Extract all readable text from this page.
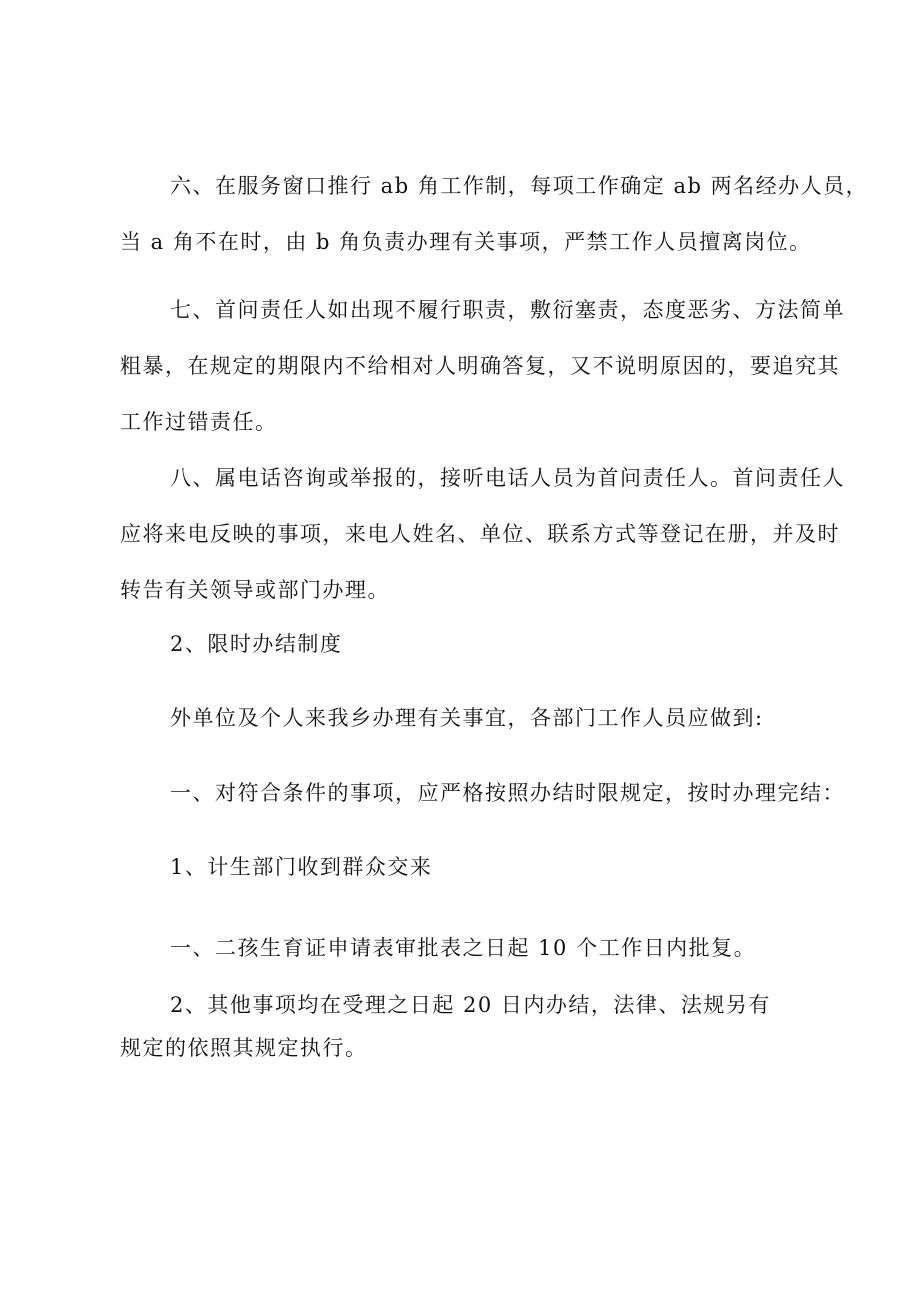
六、在服务窗口推行 ab 角工作制，每项工作确定 ab 两名经办人员，
当 a 角不在时，由 b 角负责办理有关事项，严禁工作人员擅离岗位。

七、首问责任人如出现不履行职责，敷衍塞责，态度恶劣、方法简单
粗暴，在规定的期限内不给相对人明确答复，又不说明原因的，要追究其
工作过错责任。

八、属电话咨询或举报的，接听电话人员为首问责任人。首问责任人
应将来电反映的事项，来电人姓名、单位、联系方式等登记在册，并及时
转告有关领导或部门办理。

2、限时办结制度

外单位及个人来我乡办理有关事宜，各部门工作人员应做到:

一、对符合条件的事项，应严格按照办结时限规定，按时办理完结：

1、计生部门收到群众交来

一、二孩生育证申请表审批表之日起 10 个工作日内批复。

2、其他事项均在受理之日起 20 日内办结，法律、法规另有
规定的依照其规定执行。
